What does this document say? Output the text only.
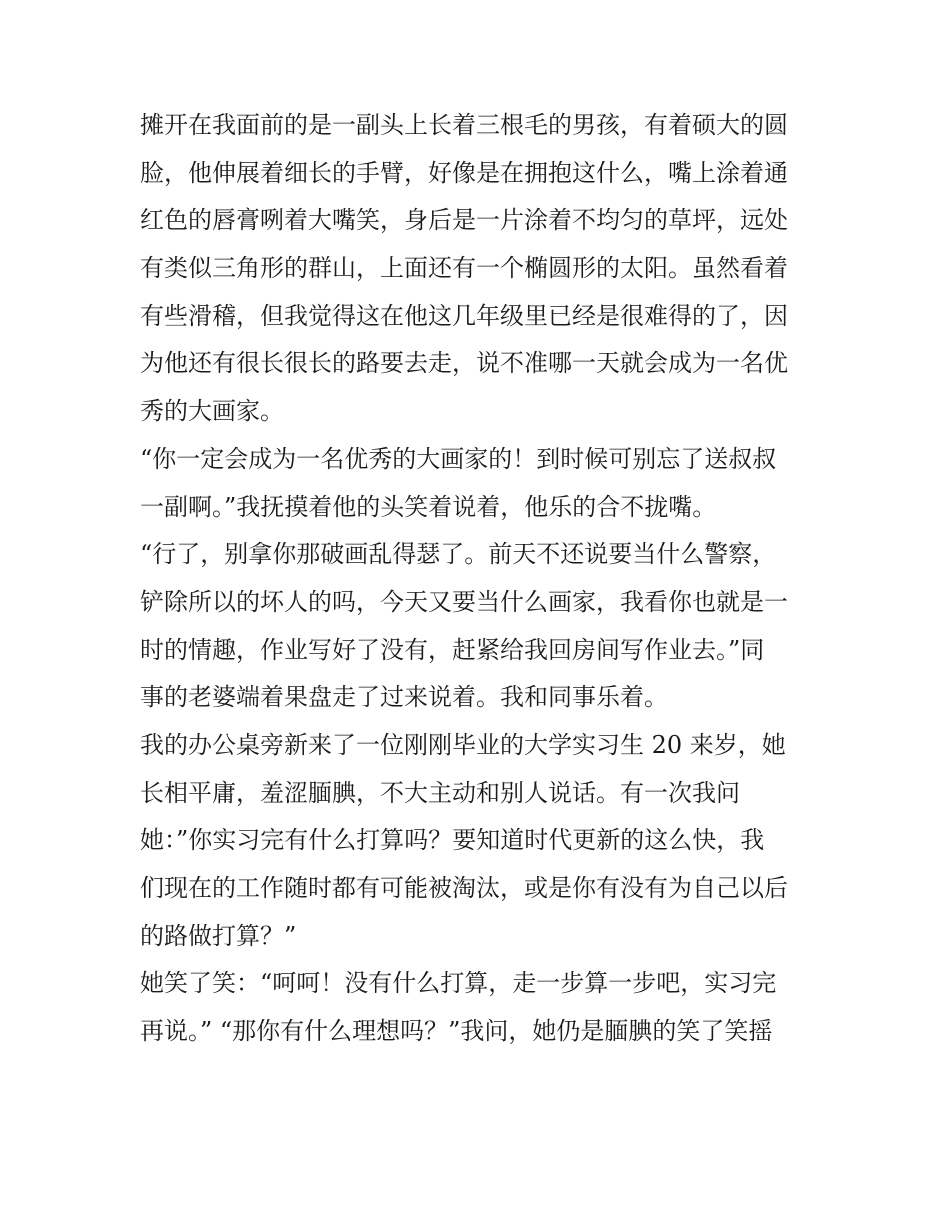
摊开在我面前的是一副头上长着三根毛的男孩，有着硕大的圆
脸，他伸展着细长的手臂，好像是在拥抱这什么，嘴上涂着通
红色的唇膏咧着大嘴笑，身后是一片涂着不均匀的草坪，远处
有类似三角形的群山，上面还有一个椭圆形的太阳。虽然看着
有些滑稽，但我觉得这在他这几年级里已经是很难得的了，因
为他还有很长很长的路要去走，说不准哪一天就会成为一名优
秀的大画家。
“你一定会成为一名优秀的大画家的！到时候可别忘了送叔叔
一副啊。”我抚摸着他的头笑着说着，他乐的合不拢嘴。
“行了，别拿你那破画乱得瑟了。前天不还说要当什么警察，
铲除所以的坏人的吗，今天又要当什么画家，我看你也就是一
时的情趣，作业写好了没有，赶紧给我回房间写作业去。”同
事的老婆端着果盘走了过来说着。我和同事乐着。
我的办公桌旁新来了一位刚刚毕业的大学实习生 20 来岁，她
长相平庸，羞涩腼腆，不大主动和别人说话。有一次我问
她：”你实习完有什么打算吗？要知道时代更新的这么快，我
们现在的工作随时都有可能被淘汰，或是你有没有为自己以后
的路做打算？”
她笑了笑：“呵呵！没有什么打算，走一步算一步吧，实习完
再说。” “那你有什么理想吗？”我问，她仍是腼腆的笑了笑摇
